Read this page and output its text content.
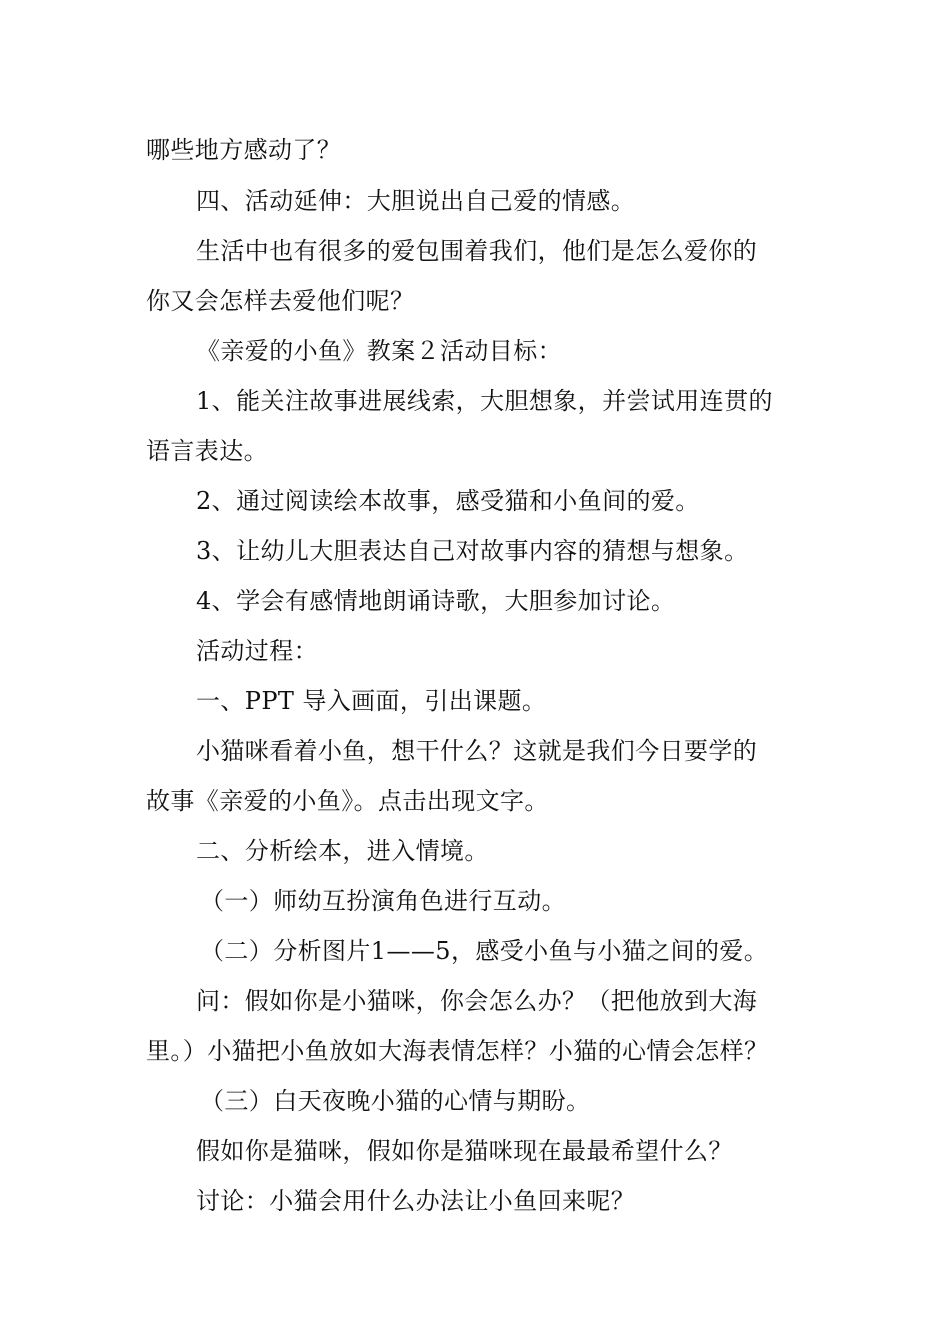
哪些地方感动了？
四、活动延伸：大胆说出自己爱的情感。
生活中也有很多的爱包围着我们，他们是怎么爱你的
你又会怎样去爱他们呢？
《亲爱的小鱼》教案２活动目标：
1、能关注故事进展线索，大胆想象，并尝试用连贯的
语言表达。
2、通过阅读绘本故事，感受猫和小鱼间的爱。
3、让幼儿大胆表达自己对故事内容的猜想与想象。
4、学会有感情地朗诵诗歌，大胆参加讨论。
活动过程：
一、PPT 导入画面，引出课题。
小猫咪看着小鱼，想干什么？这就是我们今日要学的
故事《亲爱的小鱼》。点击出现文字。
二、分析绘本，进入情境。
（一）师幼互扮演角色进行互动。
（二）分析图片1——5，感受小鱼与小猫之间的爱。
问：假如你是小猫咪，你会怎么办？（把他放到大海
里。）小猫把小鱼放如大海表情怎样？小猫的心情会怎样？
（三）白天夜晚小猫的心情与期盼。
假如你是猫咪，假如你是猫咪现在最最希望什么？
讨论：小猫会用什么办法让小鱼回来呢？
